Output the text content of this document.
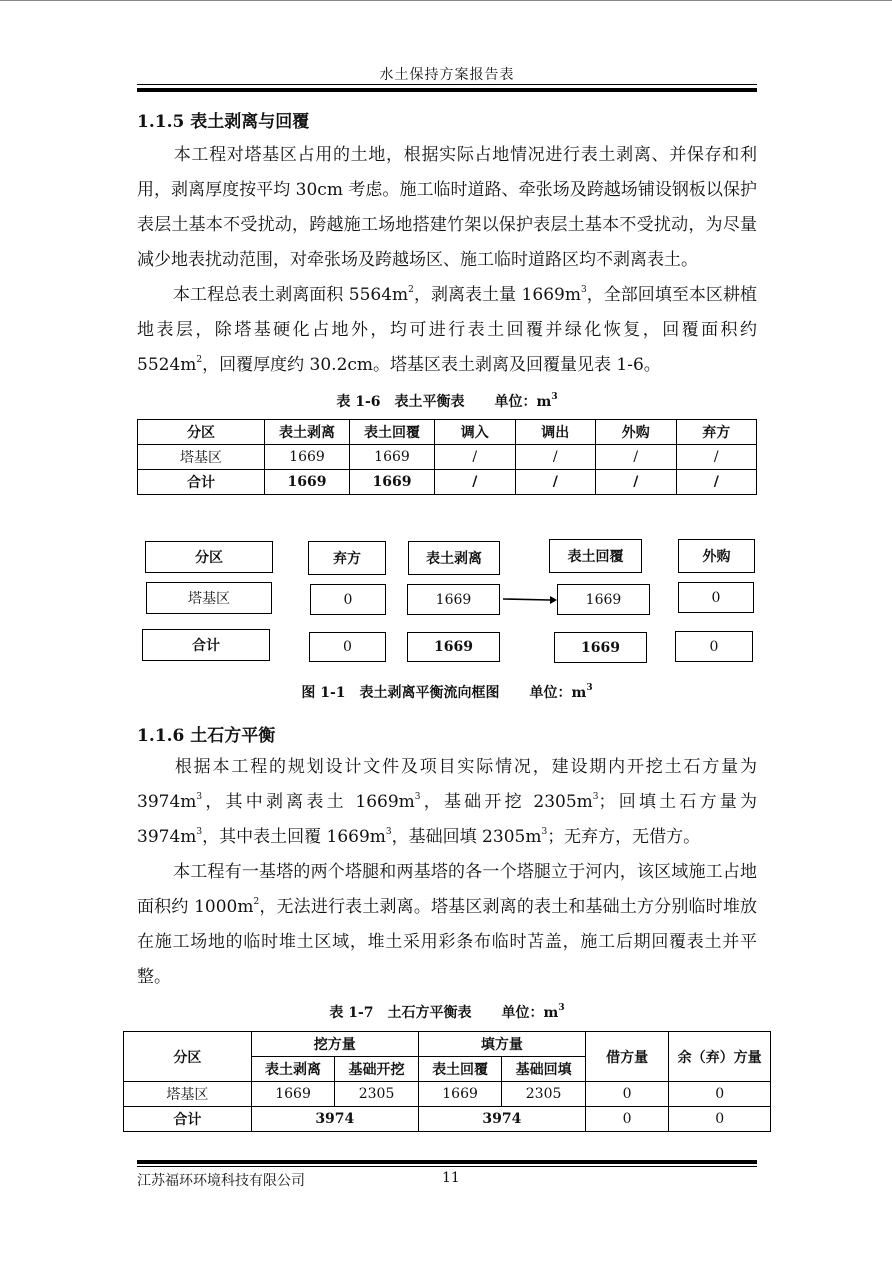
水土保持方案报告表
1.1.5 表土剥离与回覆

本工程对塔基区占用的土地，根据实际占地情况进行表土剥离、并保存和利用，剥离厚度按平均 30cm 考虑。施工临时道路、牵张场及跨越场铺设钢板以保护表层土基本不受扰动，跨越施工场地搭建竹架以保护表层土基本不受扰动，为尽量减少地表扰动范围，对牵张场及跨越场区、施工临时道路区均不剥离表土。

本工程总表土剥离面积 $5564m^2$，剥离表土量 $1669m^3$，全部回填至本区耕植地表层，除塔基硬化占地外，均可进行表土回覆并绿化恢复，回覆面积约 $5524m^2$，回覆厚度约 30.2cm。塔基区表土剥离及回覆量见表 1-6。

表 1-6　表土平衡表 单位：$m^3$
分区	表土剥离	表土回覆	调入	调出	外购	弃方
塔基区	1669	1669	/	/	/	/
合计	1669	1669	/	/	/	/
分区	弃方	表土剥离	表土回覆	外购
塔基区	0	1669	1669	0
合计	0	1669	1669	0
图 1-1　表土剥离平衡流向框图 单位：$m^3$
1.1.6 土石方平衡

根据本工程的规划设计文件及项目实际情况，建设期内开挖土石方量为 $3974m^3$，其中剥离表土 $1669m^3$，基础开挖 $2305m^3$；回填土石方量为 $3974m^3$，其中表土回覆 $1669m^3$，基础回填 $2305m^3$；无弃方，无借方。

本工程有一基塔的两个塔腿和两基塔的各一个塔腿立于河内，该区域施工占地面积约 $1000m^2$，无法进行表土剥离。塔基区剥离的表土和基础土方分别临时堆放在施工场地的临时堆土区域，堆土采用彩条布临时苫盖，施工后期回覆表土并平整。

表 1-7　土石方平衡表 单位：$m^3$
分区	挖方量		填方量		借方量	余（弃）方量
	表土剥离	基础开挖	表土回覆	基础回填		
塔基区	1669	2305	1669	2305	0	0
合计	3974		3974		0	0
江苏福环环境科技有限公司	11
